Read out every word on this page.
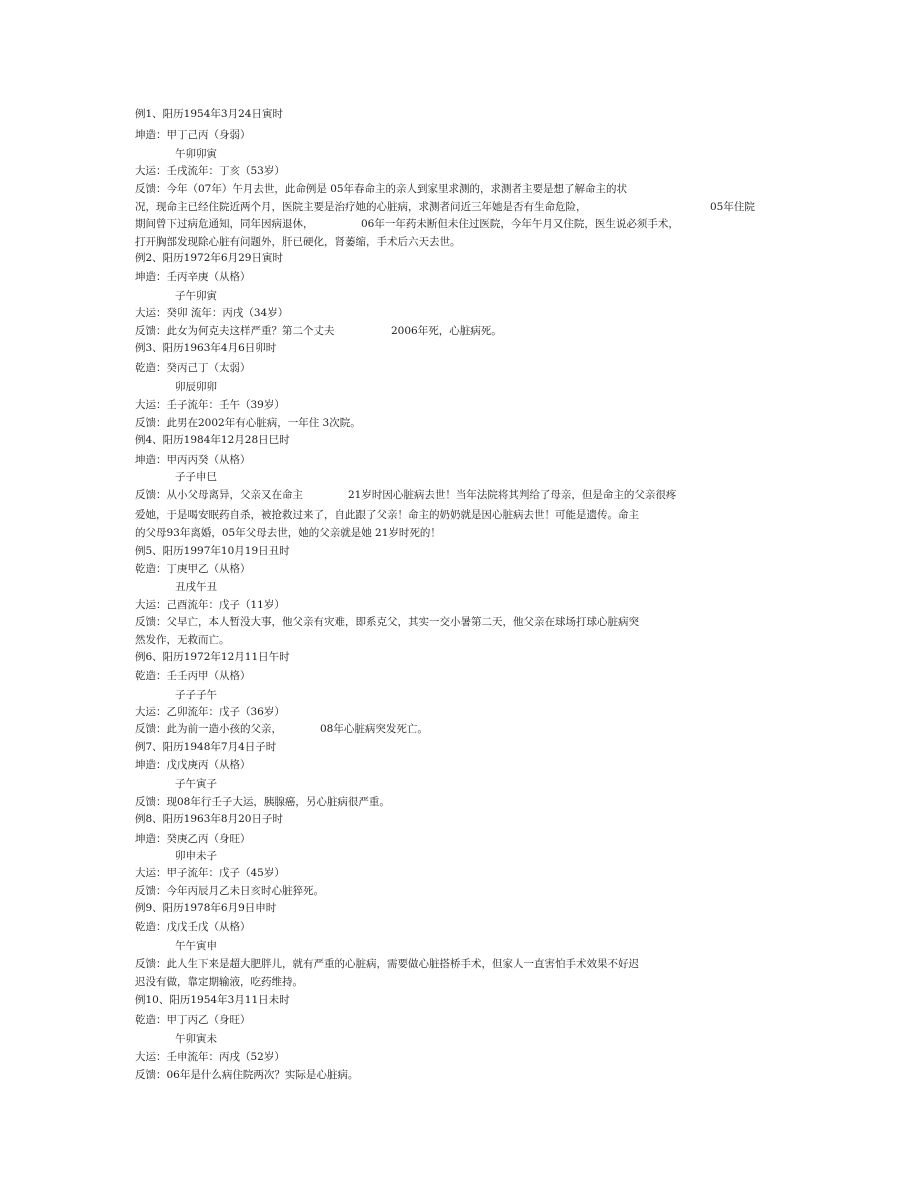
例1、阳历1954年3月24日寅时

坤造：甲丁己丙（身弱）

午卯卯寅

大运：壬戌流年：丁亥（53岁）

反馈：今年（07年）午月去世，此命例是 05年春命主的亲人到家里求测的，求测者主要是想了解命主的状

况，现命主已经住院近两个月，医院主要是治疗她的心脏病，求测者问近三年她是否有生命危险，	05年住院

期间曾下过病危通知，同年因病退休，	06年一年药未断但未住过医院，今年午月又住院，医生说必须手术，

打开胸部发现除心脏有问题外，肝已硬化，肾萎缩，手术后六天去世。

例2、阳历1972年6月29日寅时

坤造：壬丙辛庚（从格）

子午卯寅

大运：癸卯 流年：丙戌（34岁）

反馈：此女为何克夫这样严重？第二个丈夫	2006年死，心脏病死。

例3、阳历1963年4月6日卯时

乾造：癸丙己丁（太弱）

卯辰卯卯

大运：壬子流年：壬午（39岁）

反馈：此男在2002年有心脏病，一年住 3次院。

例4、阳历1984年12月28日巳时

坤造：甲丙丙癸（从格）

子子申巳

反馈：从小父母离异，父亲又在命主	21岁时因心脏病去世！当年法院将其判给了母亲，但是命主的父亲很疼

爱她，于是喝安眠药自杀，被抢救过来了，自此跟了父亲！命主的奶奶就是因心脏病去世！可能是遗传。命主

的父母93年离婚，05年父母去世，她的父亲就是她 21岁时死的！

例5、阳历1997年10月19日丑时

乾造：丁庚甲乙（从格）

丑戌午丑

大运：己酉流年：戊子（11岁）

反馈：父早亡，本人暂没大事，他父亲有灾难，即系克父，其实一交小暑第二天，他父亲在球场打球心脏病突

然发作，无救而亡。

例6、阳历1972年12月11日午时

乾造：壬壬丙甲（从格）

子子子午

大运：乙卯流年：戊子（36岁）

反馈：此为前一造小孩的父亲，	08年心脏病突发死亡。

例7、阳历1948年7月4日子时

坤造：戊戊庚丙（从格）

子午寅子

反馈：现08年行壬子大运，胰腺癌，另心脏病很严重。

例8、阳历1963年8月20日子时

坤造：癸庚乙丙（身旺）

卯申未子

大运：甲子流年：戊子（45岁）

反馈：今年丙辰月乙未日亥时心脏猝死。

例9、阳历1978年6月9日申时

乾造：戊戊壬戊（从格）

午午寅申

反馈：此人生下来是超大肥胖儿，就有严重的心脏病，需要做心脏搭桥手术，但家人一直害怕手术效果不好迟

迟没有做，靠定期输液，吃药维持。

例10、阳历1954年3月11日未时

乾造：甲丁丙乙（身旺）

午卯寅未

大运：壬申流年：丙戌（52岁）

反馈：06年是什么病住院两次？实际是心脏病。
